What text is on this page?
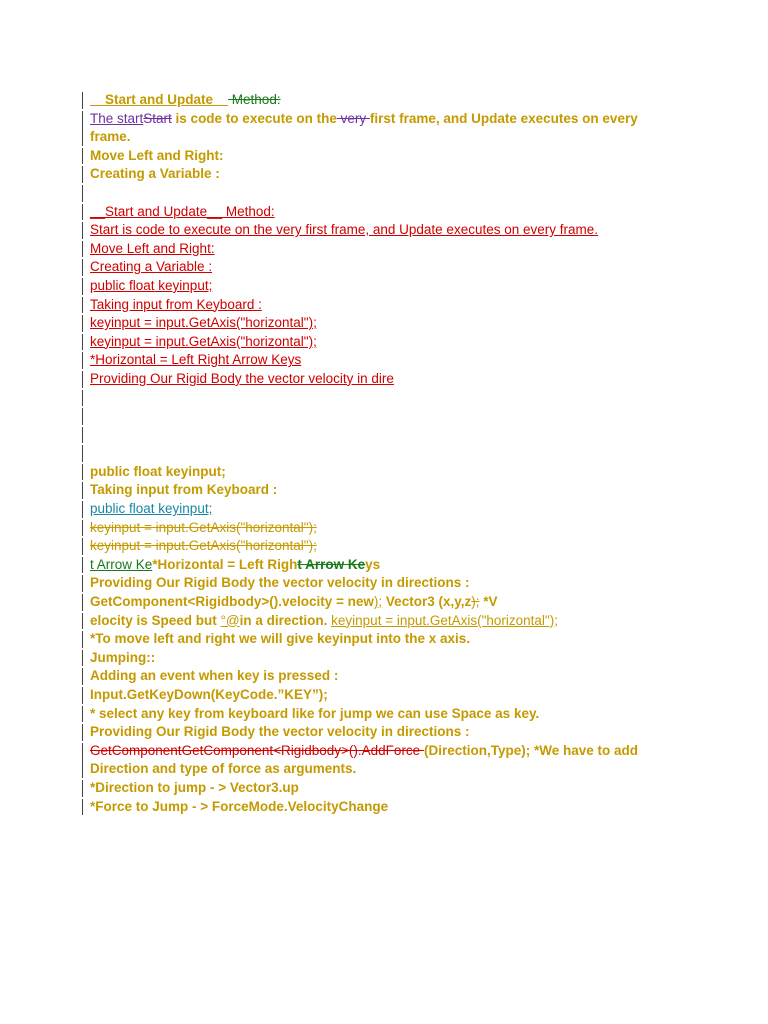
__Start and Update__ Method:
The startStart is code to execute on the very first frame, and Update executes on every frame.
Move Left and Right:
Creating a Variable :
__Start and Update__ Method:
Start is code to execute on the very first frame, and Update executes on every frame.
Move Left and Right:
Creating a Variable :
public float keyinput;
Taking input from Keyboard :
keyinput = input.GetAxis("horizontal");
keyinput = input.GetAxis("horizontal");
*Horizontal = Left Right Arrow Keys
Providing Our Rigid Body the vector velocity in dire
public float keyinput;
Taking input from Keyboard :
public float keyinput;
keyinput = input.GetAxis("horizontal");
keyinput = input.GetAxis("horizontal");
t Arrow Ke*Horizontal = Left Right Arrow Keys
Providing Our Rigid Body the vector velocity in directions :
GetComponent<Rigidbody>().velocity = new); Vector3 (x,y,z); *V
elocity is Speed but °@in a direction. keyinput = input.GetAxis("horizontal");
*To move left and right we will give keyinput into the x axis.
Jumping::
Adding an event when key is pressed :
Input.GetKeyDown(KeyCode.”KEY”);
* select any key from keyboard like for jump we can use Space as key.
Providing Our Rigid Body the vector velocity in directions :
GetComponentGetComponent<Rigidbody>().AddForce (Direction,Type); *We have to add Direction and type of force as arguments.
*Direction to jump - > Vector3.up
*Force to Jump - > ForceMode.VelocityChange
